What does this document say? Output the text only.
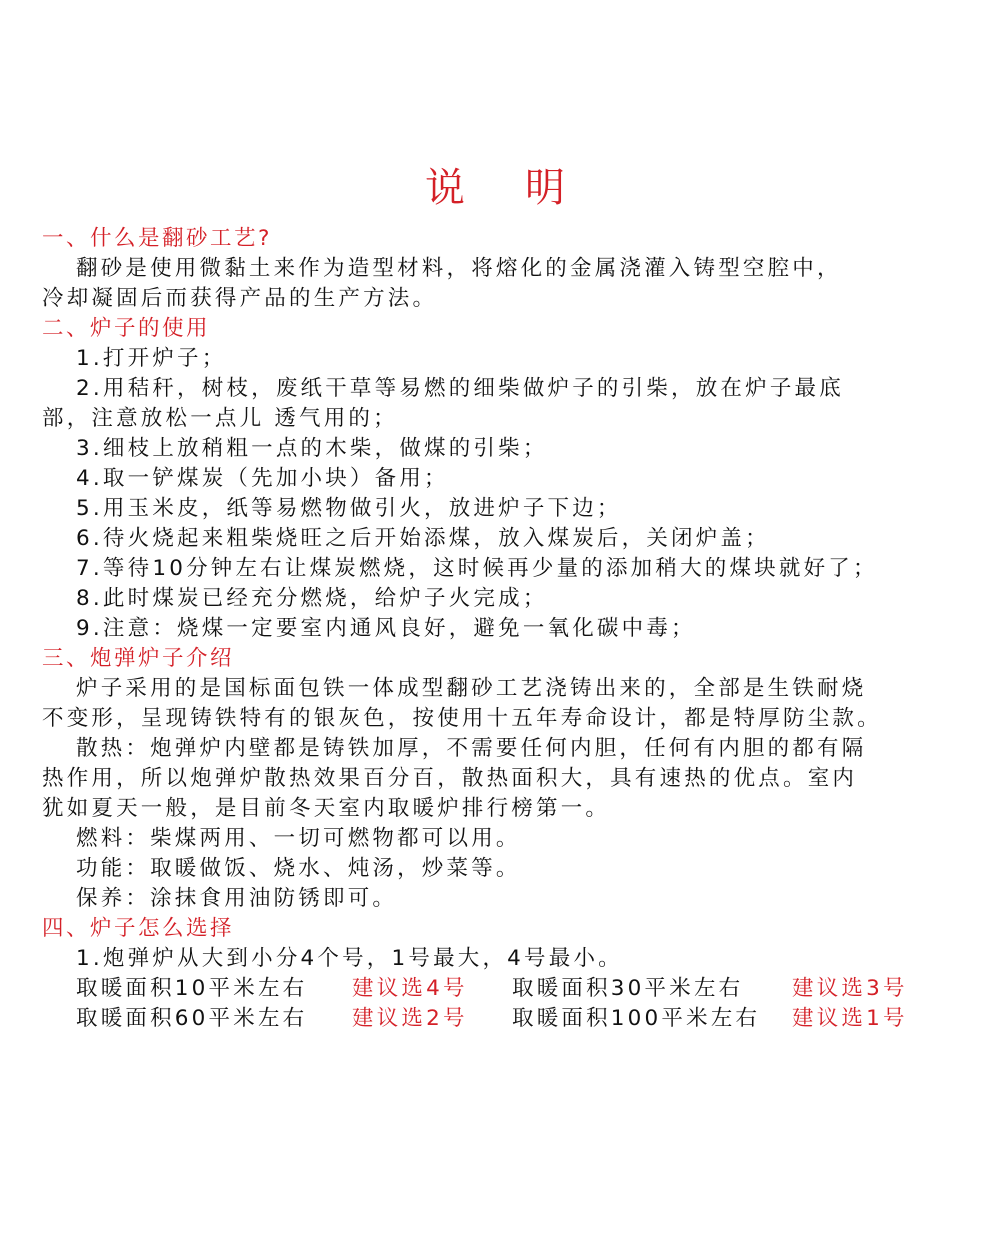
说 明
一、什么是翻砂工艺?
翻砂是使用微黏土来作为造型材料，将熔化的金属浇灌入铸型空腔中，
冷却凝固后而获得产品的生产方法。
二、炉子的使用
1.打开炉子；
2.用秸秆，树枝，废纸干草等易燃的细柴做炉子的引柴，放在炉子最底
部，注意放松一点儿 透气用的；
3.细枝上放稍粗一点的木柴，做煤的引柴；
4.取一铲煤炭（先加小块）备用；
5.用玉米皮，纸等易燃物做引火，放进炉子下边；
6.待火烧起来粗柴烧旺之后开始添煤，放入煤炭后，关闭炉盖；
7.等待10分钟左右让煤炭燃烧，这时候再少量的添加稍大的煤块就好了；
8.此时煤炭已经充分燃烧，给炉子火完成；
9.注意：烧煤一定要室内通风良好，避免一氧化碳中毒；
三、炮弹炉子介绍
炉子采用的是国标面包铁一体成型翻砂工艺浇铸出来的，全部是生铁耐烧
不变形，呈现铸铁特有的银灰色，按使用十五年寿命设计，都是特厚防尘款。
散热：炮弹炉内壁都是铸铁加厚，不需要任何内胆，任何有内胆的都有隔
热作用，所以炮弹炉散热效果百分百，散热面积大，具有速热的优点。室内
犹如夏天一般，是目前冬天室内取暖炉排行榜第一。
燃料：柴煤两用、一切可燃物都可以用。
功能：取暖做饭、烧水、炖汤，炒菜等。
保养：涂抹食用油防锈即可。
四、炉子怎么选择
1.炮弹炉从大到小分4个号，1号最大，4号最小。
取暖面积10平米左右 建议选4号 取暖面积30平米左右 建议选3号
取暖面积60平米左右 建议选2号 取暖面积100平米左右 建议选1号
